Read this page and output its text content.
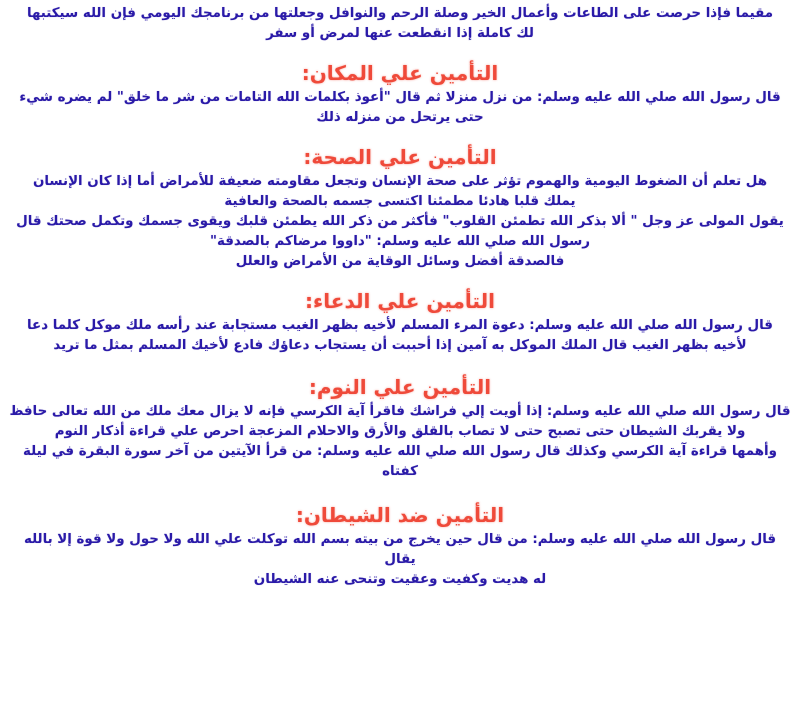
مقيما فإذا حرصت على الطاعات وأعمال الخير وصلة الرحم والنوافل وجعلتها من برنامجك اليومي فإن الله سيكتبها

لك كاملة إذا انقطعت عنها لمرض أو سفر

التأمين علي المكان:

قال رسول الله صلي الله عليه وسلم: من نزل منزلا ثم قال "أعوذ بكلمات الله التامات من شر ما خلق" لم يضره شيء

حتى يرتحل من منزله ذلك

التأمين علي الصحة:

هل تعلم أن الضغوط اليومية والهموم تؤثر على صحة الإنسان وتجعل مقاومته ضعيفة للأمراض أما إذا كان الإنسان

يملك قلبا هادئا مطمئنا اكتسى جسمه بالصحة والعافية

يقول المولى عز وجل " ألا بذكر الله تطمئن القلوب" فأكثر من ذكر الله يطمئن قلبك ويقوى جسمك وتكمل صحتك قال

رسول الله صلي الله عليه وسلم: "داووا مرضاكم بالصدقة"

فالصدقة أفضل وسائل الوقاية من الأمراض والعلل

التأمين علي الدعاء:

قال رسول الله صلي الله عليه وسلم: دعوة المرء المسلم لأخيه بظهر الغيب مستجابة عند رأسه ملك موكل كلما دعا

لأخيه بظهر الغيب قال الملك الموكل به آمين إذا أحببت أن يستجاب دعاؤك فادع لأخيك المسلم بمثل ما تريد

التأمين علي النوم:

قال رسول الله صلي الله عليه وسلم: إذا أويت إلي فراشك فاقرأ آية الكرسي فإنه لا يزال معك ملك من الله تعالى حافظ

ولا يقربك الشيطان حتى تصبح حتى لا تصاب بالقلق والأرق والاحلام المزعجة احرص علي قراءة أذكار النوم

وأهمها قراءة آية الكرسي وكذلك قال رسول الله صلي الله عليه وسلم: من قرأ الآيتين من آخر سورة البقرة في ليلة

كفتاه

التأمين ضد الشيطان:

قال رسول الله صلي الله عليه وسلم: من قال حين يخرج من بيته بسم الله توكلت علي الله ولا حول ولا قوة إلا بالله يقال

له هديت وكفيت وعقيت وتنحى عنه الشيطان
